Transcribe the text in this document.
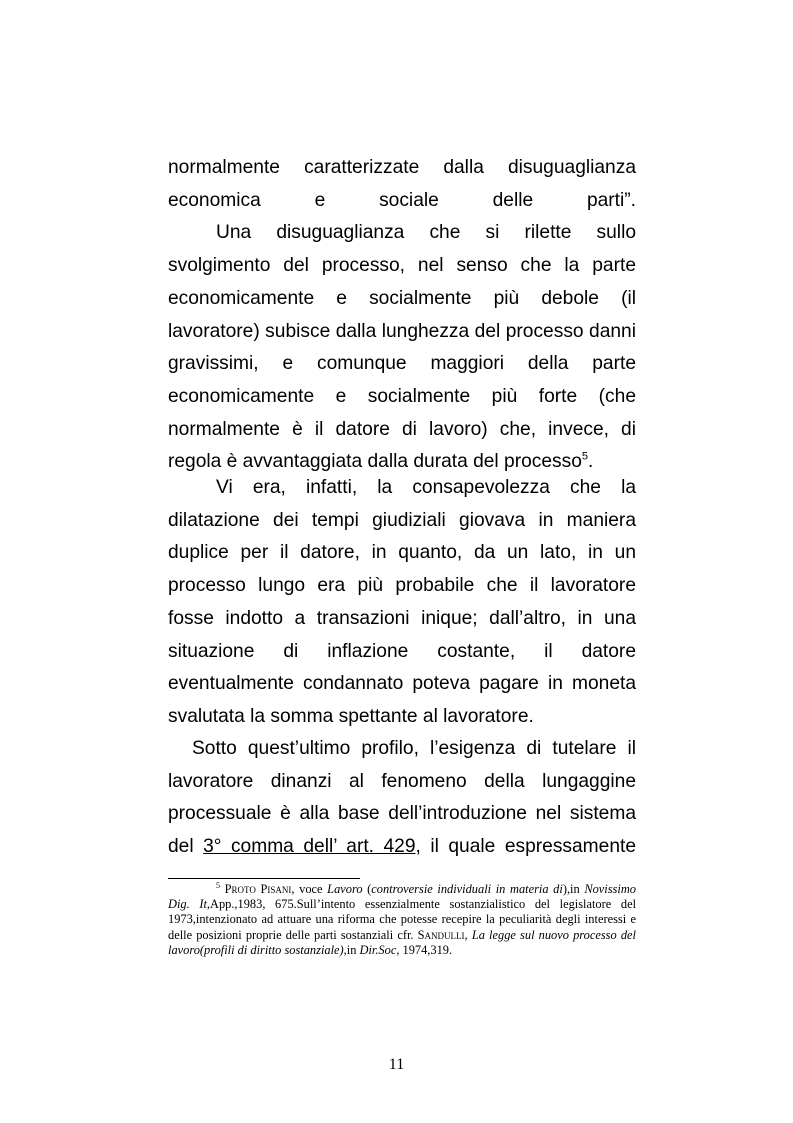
normalmente caratterizzate dalla disuguaglianza economica e sociale delle parti”.

Una disuguaglianza che si rilette sullo svolgimento del processo, nel senso che la parte economicamente e socialmente più debole (il lavoratore) subisce dalla lunghezza del processo danni gravissimi, e comunque maggiori della parte economicamente e socialmente più forte (che normalmente è il datore di lavoro) che, invece, di regola è avvantaggiata dalla durata del processo$^5$.

Vi era, infatti, la consapevolezza che la dilatazione dei tempi giudiziali giovava in maniera duplice per il datore, in quanto, da un lato, in un processo lungo era più probabile che il lavoratore fosse indotto a transazioni inique; dall’altro, in una situazione di inflazione costante, il datore eventualmente condannato poteva pagare in moneta svalutata la somma spettante al lavoratore.

Sotto quest’ultimo profilo, l’esigenza di tutelare il lavoratore dinanzi al fenomeno della lungaggine processuale è alla base dell’introduzione nel sistema del 3° comma dell’ art. 429, il quale espressamente

$^5$ Proto Pisani, voce Lavoro (controversie individuali in materia di),in Novissimo Dig. It,App.,1983, 675.Sull’intento essenzialmente sostanzialistico del legislatore del 1973,intenzionato ad attuare una riforma che potesse recepire la peculiarità degli interessi e delle posizioni proprie delle parti sostanziali cfr. Sandulli, La legge sul nuovo processo del lavoro(profili di diritto sostanziale),in Dir.Soc, 1974,319.

11
